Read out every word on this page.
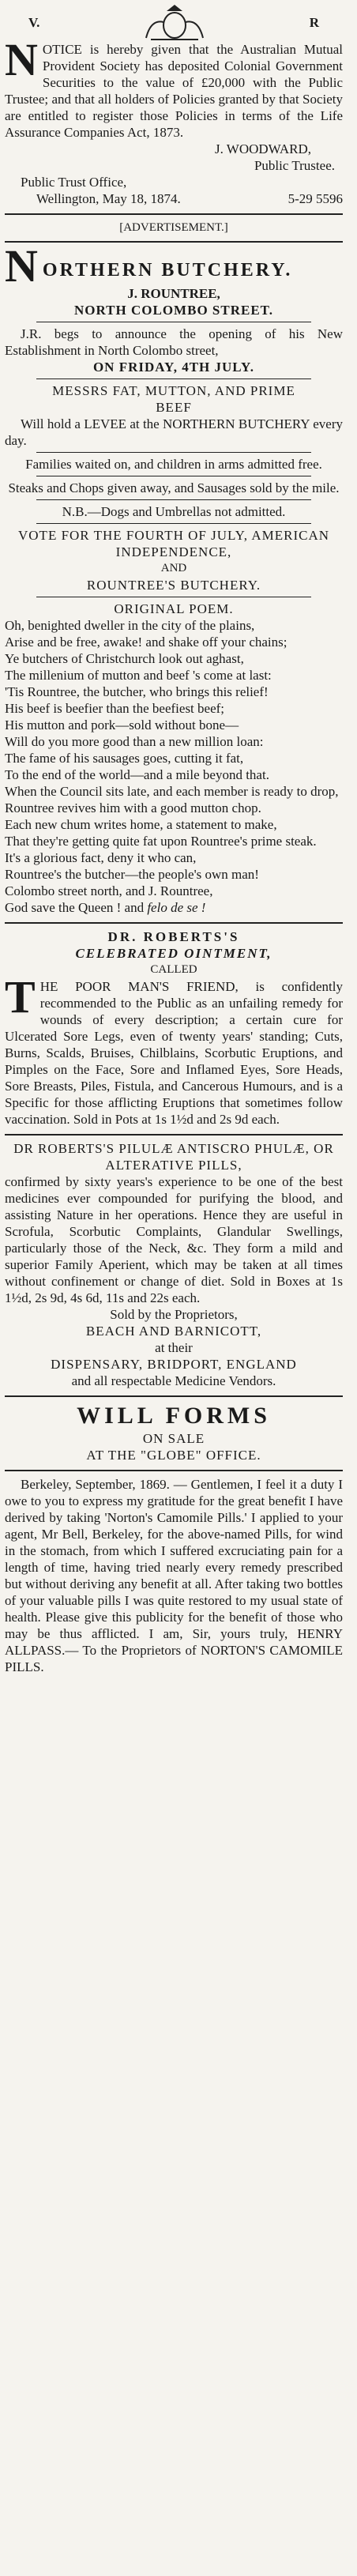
V.	R

NOTICE is hereby given that the Australian Mutual Provident Society has deposited Colonial Government Securities to the value of £20,000 with the Public Trustee; and that all holders of Policies granted by that Society are entitled to register those Policies in terms of the Life Assurance Companies Act, 1873.

J. WOODWARD,
Public Trustee.
Public Trust Office,
Wellington, May 18, 1874.	5-29 5596
[ADVERTISEMENT.]
N ORTHERN BUTCHERY.
J. ROUNTREE,
NORTH COLOMBO STREET.

J.R. begs to announce the opening of his New Establishment in North Colombo street,

ON FRIDAY, 4TH JULY.
MESSRS FAT, MUTTON, AND PRIME
BEEF

Will hold a LEVEE at the NORTHERN BUTCHERY every day.

Families waited on, and children in arms admitted free.

Steaks and Chops given away, and Sausages sold by the mile.

N.B.—Dogs and Umbrellas not admitted.
VOTE FOR THE FOURTH OF JULY, AMERICAN INDEPENDENCE,
AND
ROUNTREE'S BUTCHERY.
ORIGINAL POEM.

Oh, benighted dweller in the city of the plains,

Arise and be free, awake! and shake off your chains;

Ye butchers of Christchurch look out aghast,

The millenium of mutton and beef 's come at last:

'Tis Rountree, the butcher, who brings this relief!

His beef is beefier than the beefiest beef;

His mutton and pork—sold without bone—

Will do you more good than a new million loan:

The fame of his sausages goes, cutting it fat,

To the end of the world—and a mile beyond that.

When the Council sits late, and each member is ready to drop,

Rountree revives him with a good mutton chop.

Each new chum writes home, a statement to make,

That they're getting quite fat upon Rountree's prime steak.

It's a glorious fact, deny it who can,

Rountree's the butcher—the people's own man!

Colombo street north, and J. Rountree,

God save the Queen ! and felo de se !

DR. ROBERTS'S
CELEBRATED OINTMENT,
CALLED

THE POOR MAN'S FRIEND, is confidently recommended to the Public as an unfailing remedy for wounds of every description; a certain cure for Ulcerated Sore Legs, even of twenty years' standing; Cuts, Burns, Scalds, Bruises, Chilblains, Scorbutic Eruptions, and Pimples on the Face, Sore and Inflamed Eyes, Sore Heads, Sore Breasts, Piles, Fistula, and Cancerous Humours, and is a Specific for those afflicting Eruptions that sometimes follow vaccination. Sold in Pots at 1s 1½d and 2s 9d each.

DR ROBERTS'S PILULÆ ANTISCRO PHULÆ, OR ALTERATIVE PILLS,

confirmed by sixty years's experience to be one of the best medicines ever compounded for purifying the blood, and assisting Nature in her operations. Hence they are useful in Scrofula, Scorbutic Complaints, Glandular Swellings, particularly those of the Neck, &c. They form a mild and superior Family Aperient, which may be taken at all times without confinement or change of diet. Sold in Boxes at 1s 1½d, 2s 9d, 4s 6d, 11s and 22s each.

Sold by the Proprietors,
BEACH AND BARNICOTT,
at their
DISPENSARY, BRIDPORT, ENGLAND
and all respectable Medicine Vendors.
WILL FORMS
ON SALE
AT THE "GLOBE" OFFICE.

Berkeley, September, 1869. — Gentlemen, I feel it a duty I owe to you to express my gratitude for the great benefit I have derived by taking 'Norton's Camomile Pills.' I applied to your agent, Mr Bell, Berkeley, for the above-named Pills, for wind in the stomach, from which I suffered excruciating pain for a length of time, having tried nearly every remedy prescribed but without deriving any benefit at all. After taking two bottles of your valuable pills I was quite restored to my usual state of health. Please give this publicity for the benefit of those who may be thus afflicted. I am, Sir, yours truly, HENRY ALLPASS.— To the Proprietors of NORTON'S CAMOMILE PILLS.
